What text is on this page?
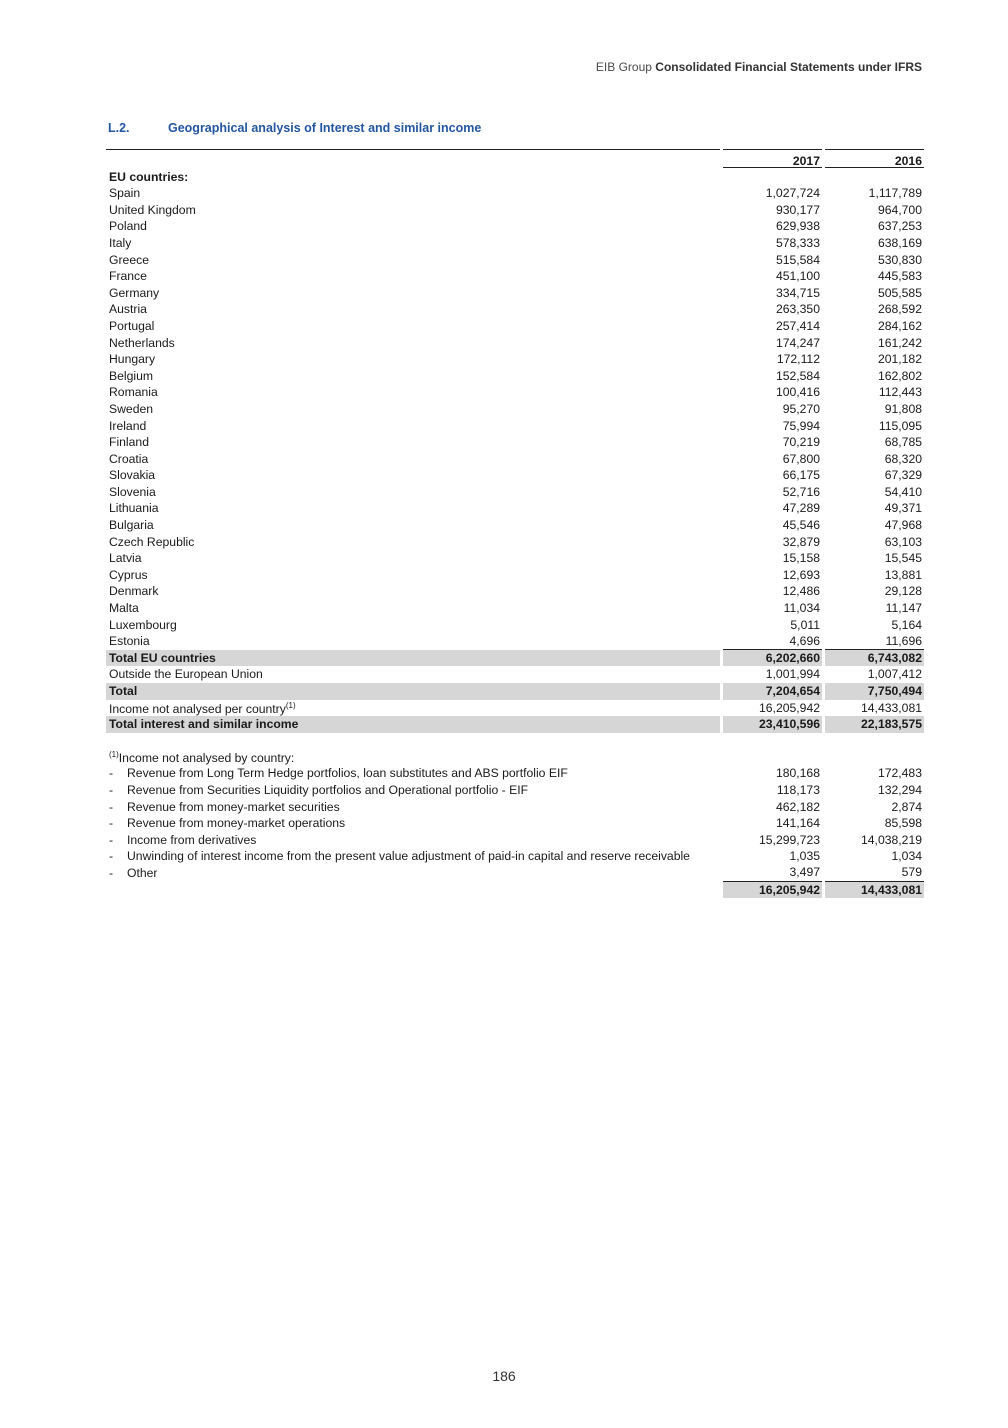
EIB Group Consolidated Financial Statements under IFRS
L.2.	Geographical analysis of Interest and similar income
2017	2016
EU countries:
Spain	1,027,724	1,117,789
United Kingdom	930,177	964,700
Poland	629,938	637,253
Italy	578,333	638,169
Greece	515,584	530,830
France	451,100	445,583
Germany	334,715	505,585
Austria	263,350	268,592
Portugal	257,414	284,162
Netherlands	174,247	161,242
Hungary	172,112	201,182
Belgium	152,584	162,802
Romania	100,416	112,443
Sweden	95,270	91,808
Ireland	75,994	115,095
Finland	70,219	68,785
Croatia	67,800	68,320
Slovakia	66,175	67,329
Slovenia	52,716	54,410
Lithuania	47,289	49,371
Bulgaria	45,546	47,968
Czech Republic	32,879	63,103
Latvia	15,158	15,545
Cyprus	12,693	13,881
Denmark	12,486	29,128
Malta	11,034	11,147
Luxembourg	5,011	5,164
Estonia	4,696	11,696
Total EU countries	6,202,660	6,743,082
Outside the European Union	1,001,994	1,007,412
Total	7,204,654	7,750,494
Income not analysed per country$^{(1)}$	16,205,942	14,433,081
Total interest and similar income	23,410,596	22,183,575
$^{(1)}$Income not analysed by country:
- Revenue from Long Term Hedge portfolios, loan substitutes and ABS portfolio EIF	180,168	172,483
- Revenue from Securities Liquidity portfolios and Operational portfolio - EIF	118,173	132,294
- Revenue from money-market securities	462,182	2,874
- Revenue from money-market operations	141,164	85,598
- Income from derivatives	15,299,723	14,038,219
- Unwinding of interest income from the present value adjustment of paid-in capital and reserve receivable	1,035	1,034
- Other	3,497	579
16,205,942	14,433,081
186
